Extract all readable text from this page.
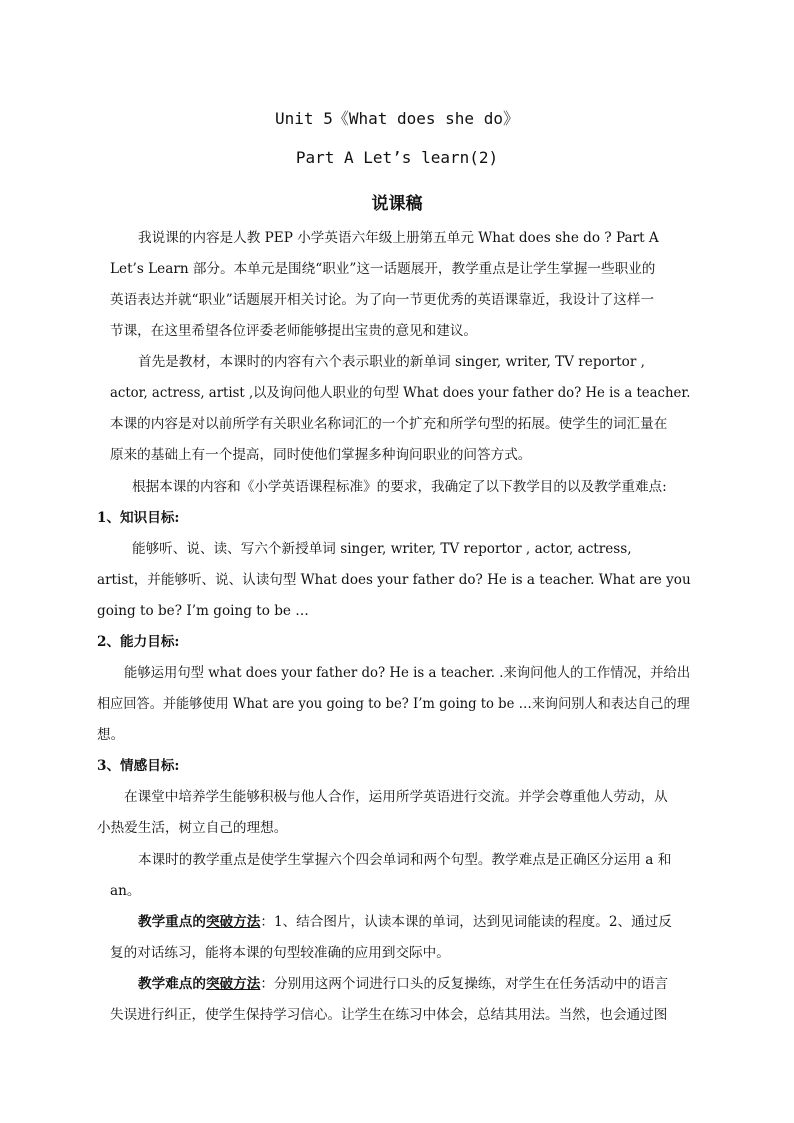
Unit 5《What does she do》
Part A Let’s learn(2)
说课稿
我说课的内容是人教 PEP 小学英语六年级上册第五单元 What does she do ? Part A
Let’s Learn 部分。本单元是围绕“职业”这一话题展开，教学重点是让学生掌握一些职业的
英语表达并就“职业”话题展开相关讨论。为了向一节更优秀的英语课靠近，我设计了这样一
节课，在这里希望各位评委老师能够提出宝贵的意见和建议。
首先是教材，本课时的内容有六个表示职业的新单词 singer, writer, TV reportor ,
actor, actress, artist ,以及询问他人职业的句型 What does your father do? He is a teacher.
本课的内容是对以前所学有关职业名称词汇的一个扩充和所学句型的拓展。使学生的词汇量在
原来的基础上有一个提高，同时使他们掌握多种询问职业的问答方式。
根据本课的内容和《小学英语课程标准》的要求，我确定了以下教学目的以及教学重难点:
1、知识目标:
能够听、说、读、写六个新授单词 singer, writer, TV reportor , actor, actress,
artist，并能够听、说、认读句型 What does your father do? He is a teacher. What are you
going to be? I’m going to be …
2、能力目标:
能够运用句型 what does your father do? He is a teacher. .来询问他人的工作情况，并给出
相应回答。并能够使用 What are you going to be? I’m going to be …来询问别人和表达自己的理
想。
3、情感目标:
在课堂中培养学生能够积极与他人合作，运用所学英语进行交流。并学会尊重他人劳动，从
小热爱生活，树立自己的理想。
本课时的教学重点是使学生掌握六个四会单词和两个句型。教学难点是正确区分运用 a 和
an。
教学重点的突破方法：1、结合图片，认读本课的单词，达到见词能读的程度。2、通过反
复的对话练习，能将本课的句型较准确的应用到交际中。
教学难点的突破方法：分别用这两个词进行口头的反复操练，对学生在任务活动中的语言
失误进行纠正，使学生保持学习信心。让学生在练习中体会，总结其用法。当然，也会通过图
